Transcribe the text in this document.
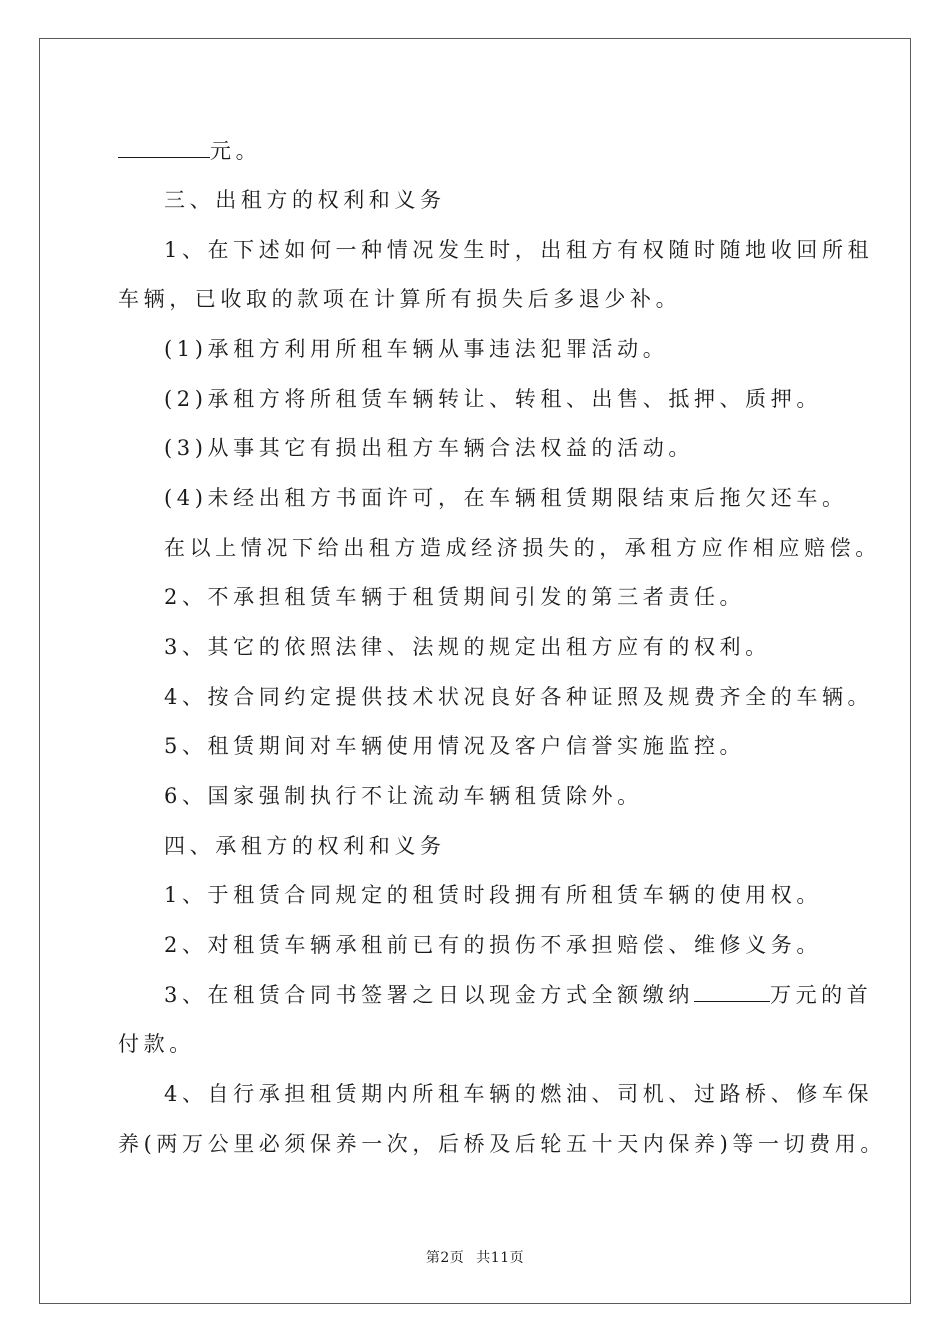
元。
三、出租方的权利和义务
1、在下述如何一种情况发生时，出租方有权随时随地收回所租
车辆，已收取的款项在计算所有损失后多退少补。
(1)承租方利用所租车辆从事违法犯罪活动。
(2)承租方将所租赁车辆转让、转租、出售、抵押、质押。
(3)从事其它有损出租方车辆合法权益的活动。
(4)未经出租方书面许可，在车辆租赁期限结束后拖欠还车。
在以上情况下给出租方造成经济损失的，承租方应作相应赔偿。
2、不承担租赁车辆于租赁期间引发的第三者责任。
3、其它的依照法律、法规的规定出租方应有的权利。
4、按合同约定提供技术状况良好各种证照及规费齐全的车辆。
5、租赁期间对车辆使用情况及客户信誉实施监控。
6、国家强制执行不让流动车辆租赁除外。
四、承租方的权利和义务
1、于租赁合同规定的租赁时段拥有所租赁车辆的使用权。
2、对租赁车辆承租前已有的损伤不承担赔偿、维修义务。
3、在租赁合同书签署之日以现金方式全额缴纳	万元的首
付款。
4、自行承担租赁期内所租车辆的燃油、司机、过路桥、修车保
养(两万公里必须保养一次，后桥及后轮五十天内保养)等一切费用。
第2页 共11页
